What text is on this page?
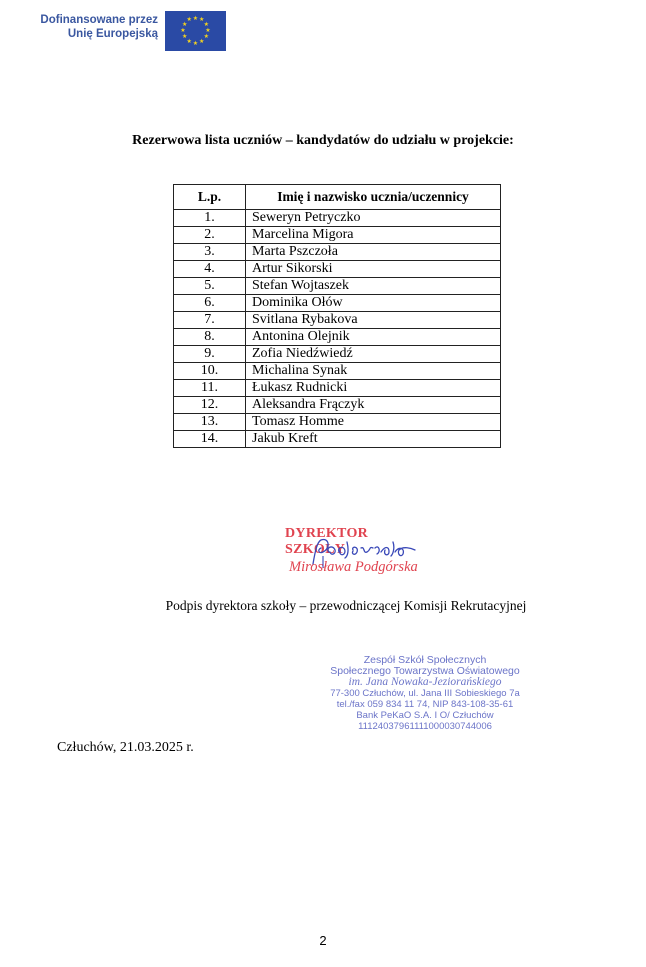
Dofinansowane przez
Unię Europejską
★ ★
★
★
★
★
★
★
★
★
★
★
Rezerwowa lista uczniów – kandydatów do udziału w projekcie:
L.p.	Imię i nazwisko ucznia/uczennicy
1.	Seweryn Petryczko
2.	Marcelina Migora
3.	Marta Pszczoła
4.	Artur Sikorski
5.	Stefan Wojtaszek
6.	Dominika Ołów
7.	Svitlana Rybakova
8.	Antonina Olejnik
9.	Zofia Niedźwiedź
10.	Michalina Synak
11.	Łukasz Rudnicki
12.	Aleksandra Frączyk
13.	Tomasz Homme
14.	Jakub Kreft
DYREKTOR SZKOŁY
Mirosława Podgórska
Podpis dyrektora szkoły – przewodniczącej Komisji Rekrutacyjnej
Zespół Szkół Społecznych
Społecznego Towarzystwa Oświatowego
im. Jana Nowaka-Jeziorańskiego
77-300 Człuchów, ul. Jana III Sobieskiego 7a
tel./fax 059 834 11 74, NIP 843-108-35-61
Bank PeKaO S.A. I O/ Człuchów
11124037961111000030744006
Człuchów, 21.03.2025 r.
2
